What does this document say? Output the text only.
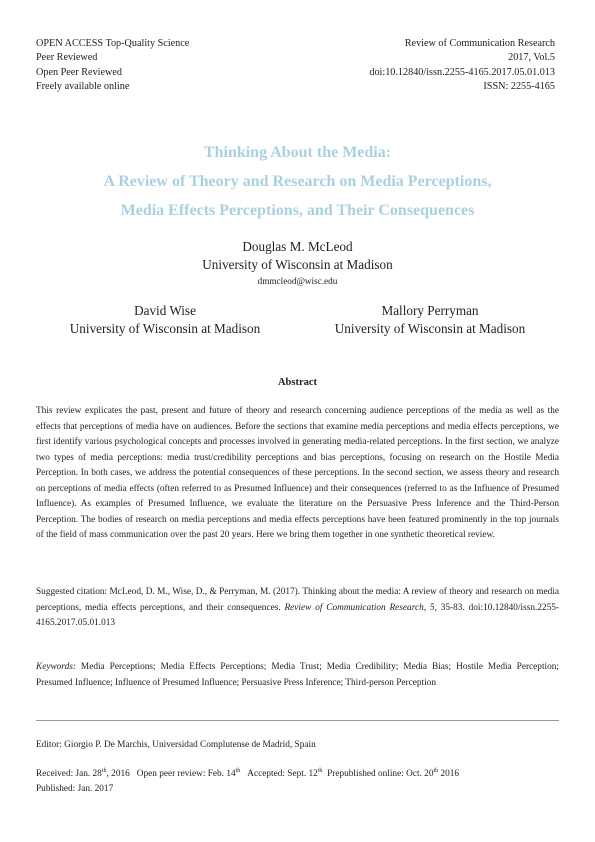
OPEN ACCESS Top-Quality Science
Peer Reviewed
Open Peer Reviewed
Freely available online
Review of Communication Research
2017, Vol.5
doi:10.12840/issn.2255-4165.2017.05.01.013
ISSN: 2255-4165
Thinking About the Media:
A Review of Theory and Research on Media Perceptions,
Media Effects Perceptions, and Their Consequences
Douglas M. McLeod
University of Wisconsin at Madison
dmmcleod@wisc.edu
David Wise
University of Wisconsin at Madison
Mallory Perryman
University of Wisconsin at Madison
Abstract
This review explicates the past, present and future of theory and research concerning audience perceptions of the media as well as the effects that perceptions of media have on audiences. Before the sections that examine media perceptions and media effects perceptions, we first identify various psychological concepts and processes involved in generating media-related perceptions. In the first section, we analyze two types of media perceptions: media trust/credibility perceptions and bias perceptions, focusing on research on the Hostile Media Perception. In both cases, we address the potential consequences of these perceptions. In the second section, we assess theory and research on perceptions of media effects (often referred to as Presumed Influence) and their consequences (referred to as the Influence of Presumed Influence). As examples of Presumed Influence, we evaluate the literature on the Persuasive Press Inference and the Third-Person Perception. The bodies of research on media perceptions and media effects perceptions have been featured prominently in the top journals of the field of mass communication over the past 20 years. Here we bring them together in one synthetic theoretical review.
Suggested citation: McLeod, D. M., Wise, D., & Perryman, M. (2017). Thinking about the media: A review of theory and research on media perceptions, media effects perceptions, and their consequences. Review of Communication Research, 5, 35-83. doi:10.12840/issn.2255-4165.2017.05.01.013
Keywords: Media Perceptions; Media Effects Perceptions; Media Trust; Media Credibility; Media Bias; Hostile Media Perception; Presumed Influence; Influence of Presumed Influence; Persuasive Press Inference; Third-person Perception
Editor: Giorgio P. De Marchis, Universidad Complutense de Madrid, Spain
Received: Jan. 28th, 2016 Open peer review: Feb. 14th Accepted: Sept. 12th Prepublished online: Oct. 20th 2016
Published: Jan. 2017
